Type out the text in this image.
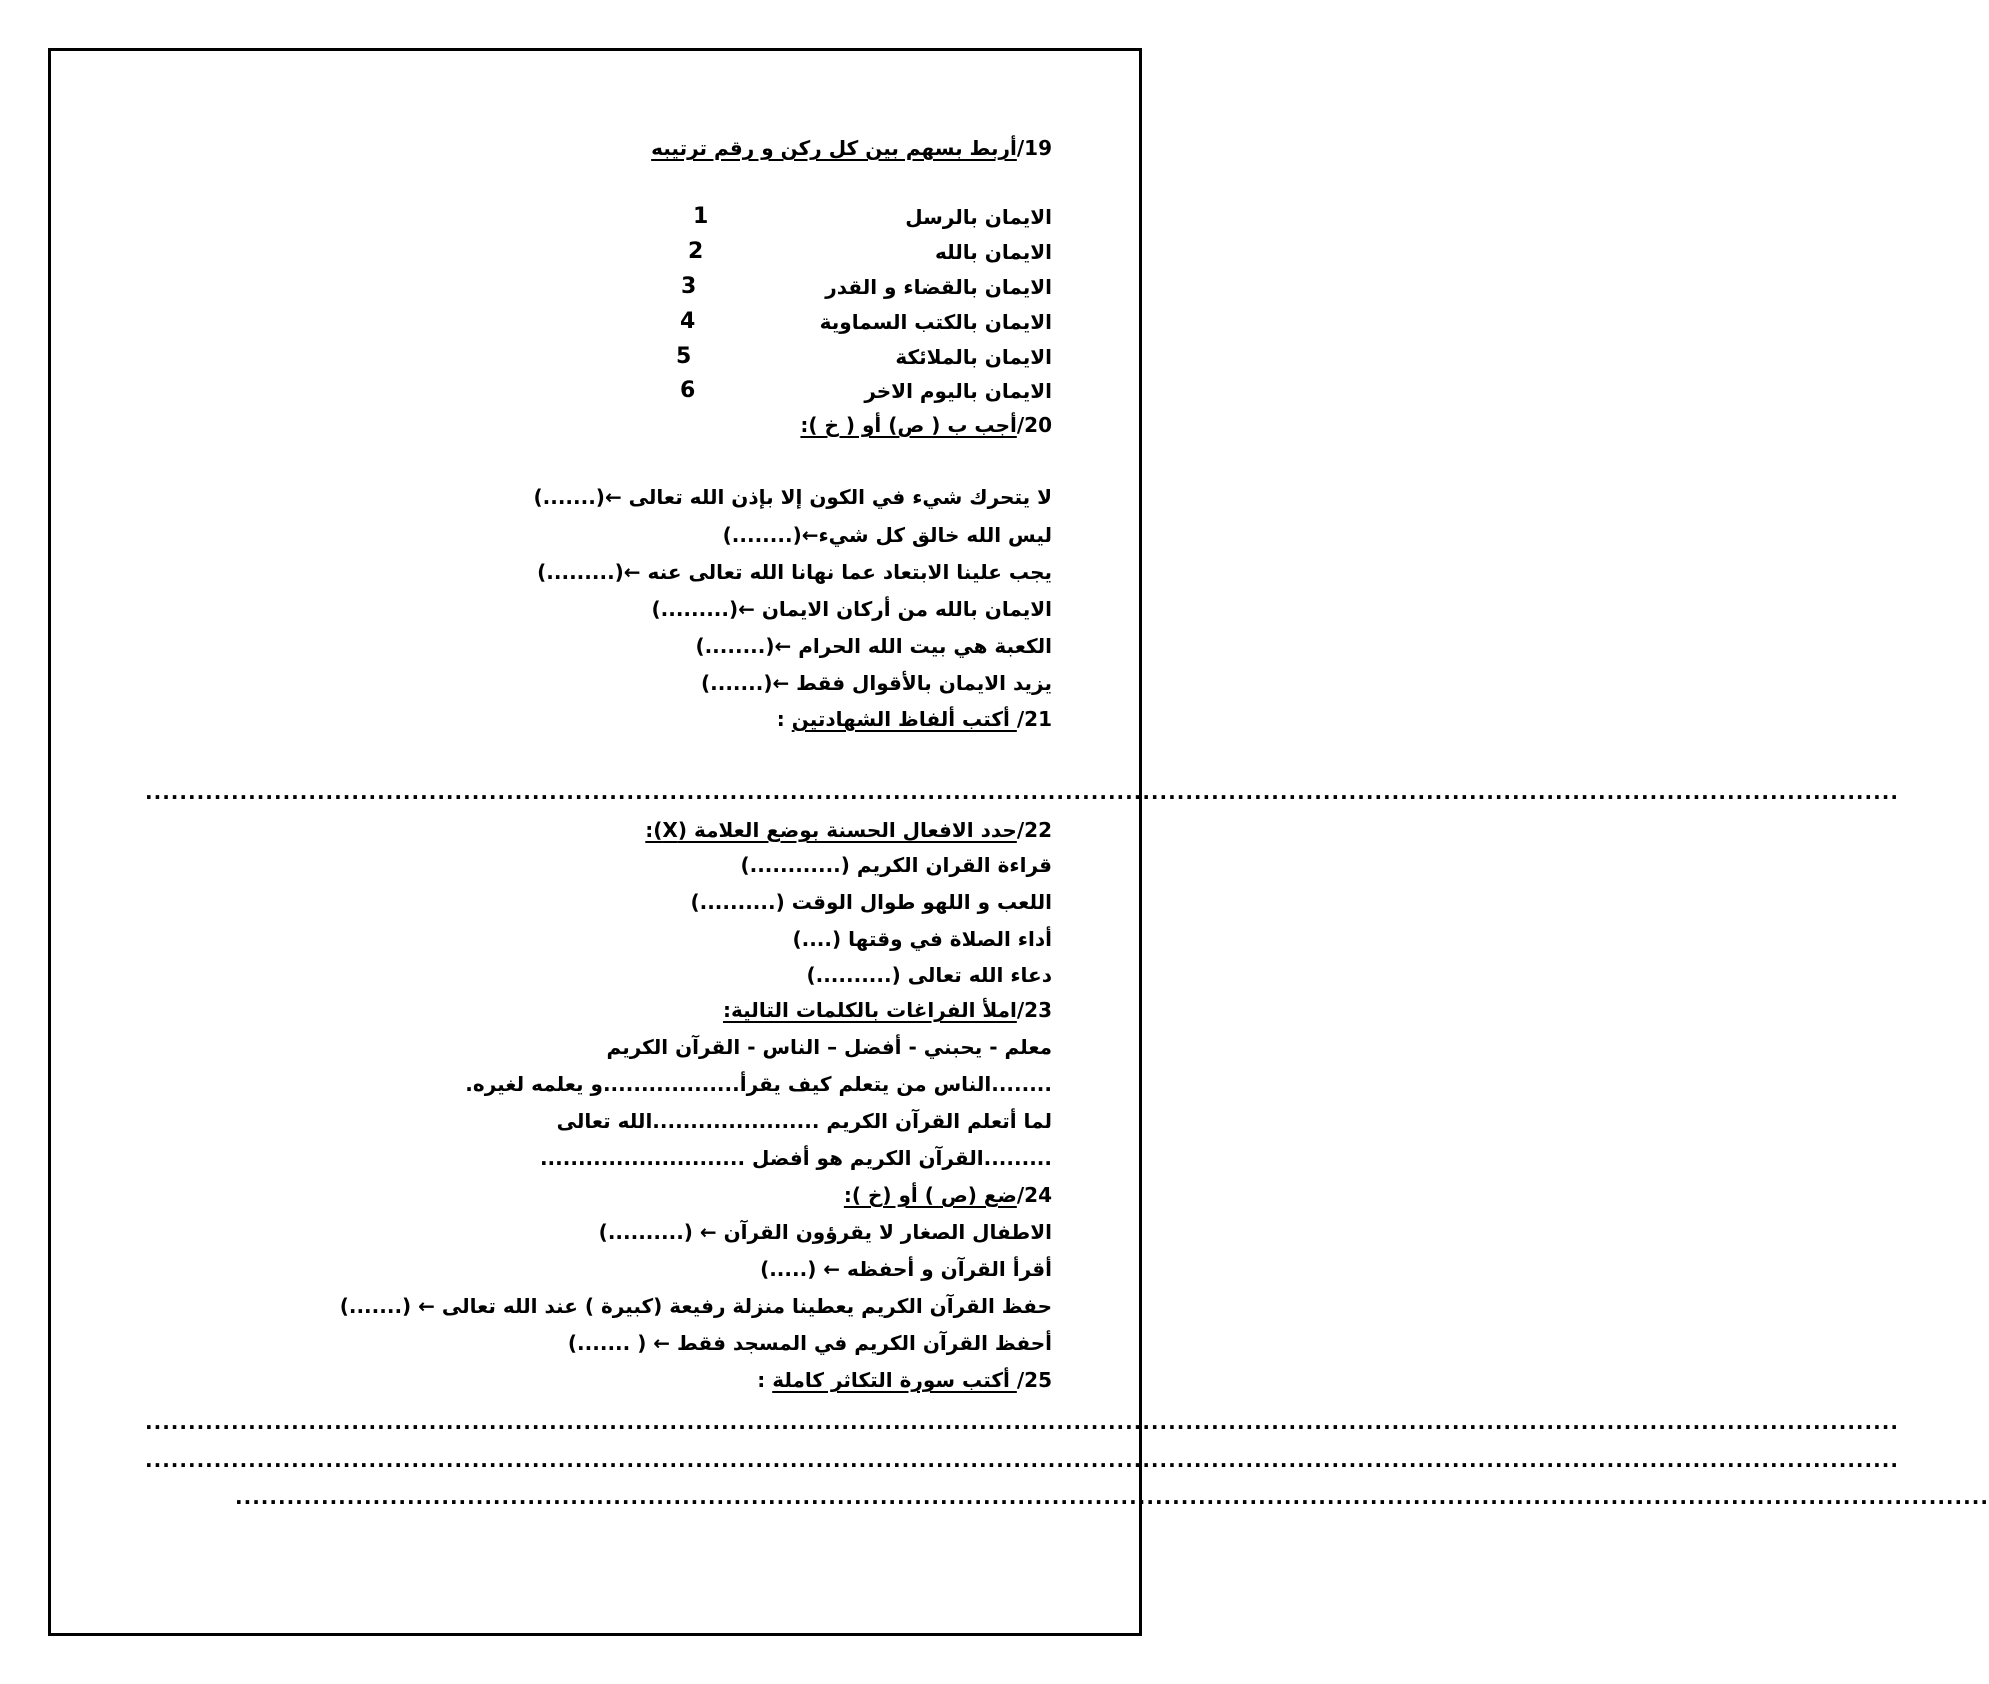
19/أربط بسهم بين كل ركن و رقم ترتيبه
الايمان بالرسل
الايمان بالله
الايمان بالقضاء و القدر
الايمان بالكتب السماوية
الايمان بالملائكة
الايمان باليوم الاخر
1
2
3
4
5
6
20/أجب ب ( ص) أو ( خ ):
لا يتحرك شيء في الكون إلا بإذن الله تعالى ←(.......)
ليس الله خالق كل شيء←(........)
يجب علينا الابتعاد عما نهانا الله تعالى عنه ←(.........)
الايمان بالله من أركان الايمان ←(.........)
الكعبة هي بيت الله الحرام ←(........)
يزيد الايمان بالأقوال فقط ←(.......)
21/ أكتب ألفاظ الشهادتين :
............................................................................................................................................................................................................
22/حدد الافعال الحسنة بوضع العلامة (X):
قراءة القران الكريم (............)
اللعب و اللهو طوال الوقت (..........)
أداء الصلاة في وقتها (....)
دعاء الله تعالى (..........)
23/املأ الفراغات بالكلمات التالية:
معلم - يحبني - أفضل – الناس - القرآن الكريم
........الناس من يتعلم كيف يقرأ..................و يعلمه لغيره.
لما أتعلم القرآن الكريم ......................الله تعالى
.........القرآن الكريم هو أفضل ...........................
24/ضع (ص ) أو (خ ):
الاطفال الصغار لا يقرؤون القرآن ← (..........)
أقرأ القرآن و أحفظه ← (.....)
حفظ القرآن الكريم يعطينا منزلة رفيعة (كبيرة ) عند الله تعالى ← (.......)
أحفظ القرآن الكريم في المسجد فقط ← ( .......)
25/ أكتب سورة التكاثر كاملة :
............................................................................................................................................................................................................
............................................................................................................................................................................................................
............................................................................................................................................................................................................
